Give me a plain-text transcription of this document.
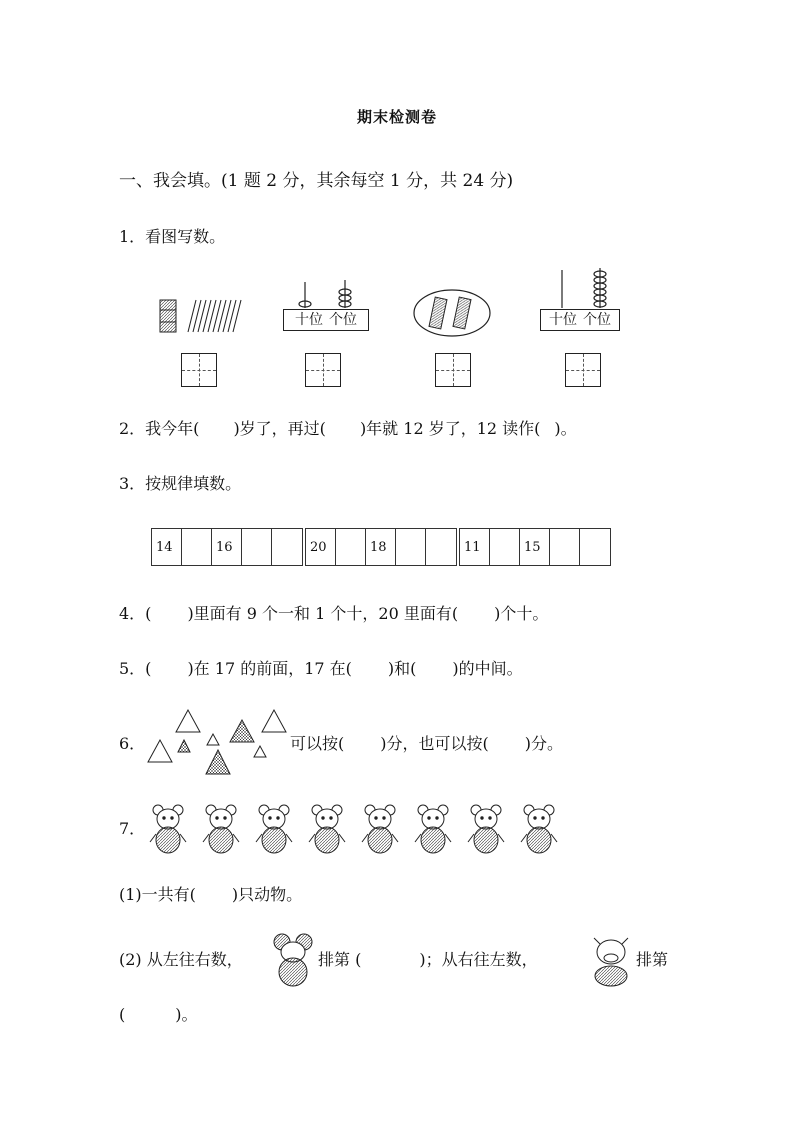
期末检测卷
一、我会填。(1 题 2 分，其余每空 1 分，共 24 分)
1．看图写数。
十位 个位	十位 个位
2．我今年( )岁了，再过( )年就 12 岁了，12 读作( )。
3．按规律填数。
14	16	20	18	11	15
4．( )里面有 9 个一和 1 个十，20 里面有( )个十。
5．( )在 17 的前面，17 在( )和( )的中间。
6．	可以按( )分，也可以按( )分。
7．
(1)一共有( )只动物。
(2) 从左往右数，	排第 (	)；从右往左数，	排第
(	)。
